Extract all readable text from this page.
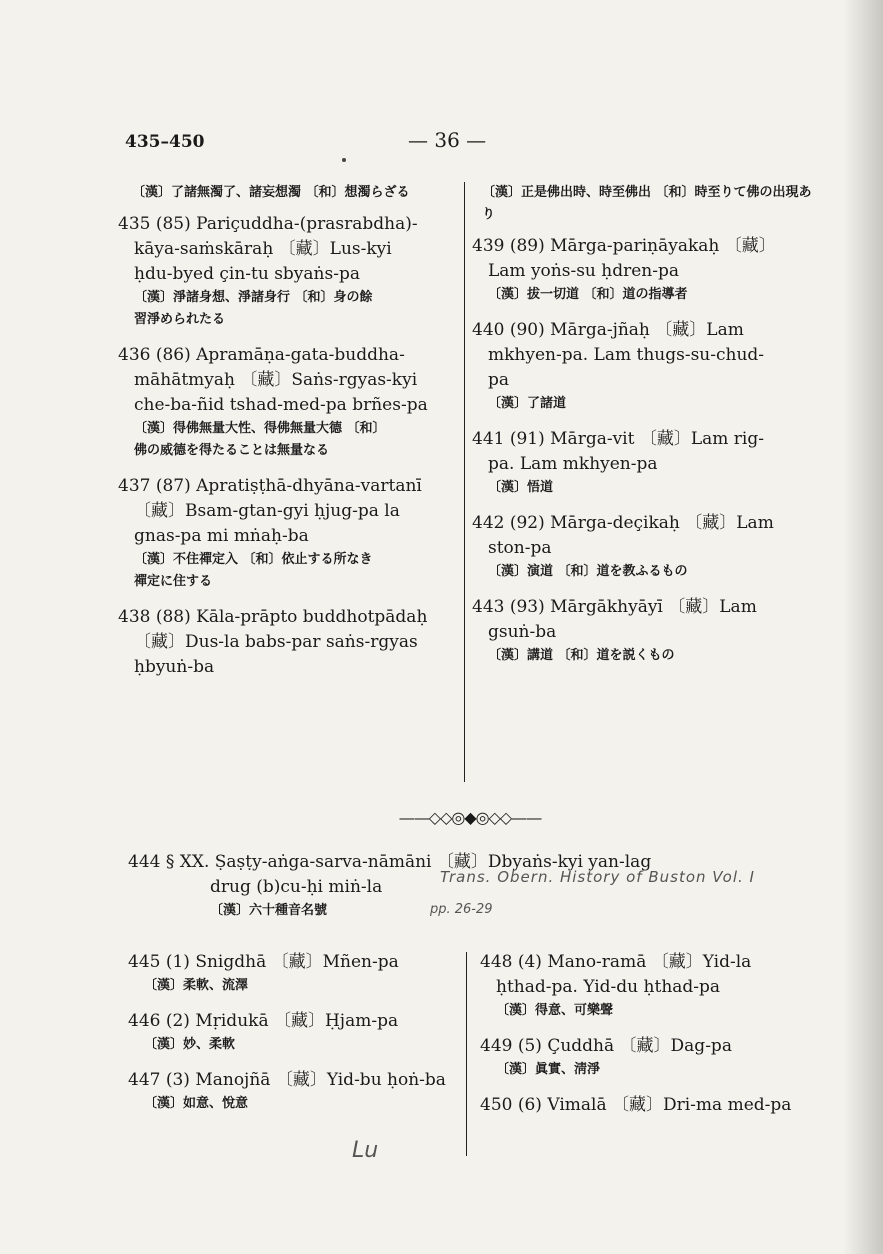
435–450	— 36 —
〔漢〕了諸無濁了、諸妄想濁 〔和〕想濁らざる
435 (85) Pariçuddha-(prasrabdha)-
kāya-saṁskāraḥ 〔藏〕Lus-kyi
ḥdu-byed çin-tu sbyaṅs-pa
〔漢〕淨諸身想、淨諸身行 〔和〕身の餘
習淨められたる
436 (86) Apramāṇa-gata-buddha-
māhātmyaḥ 〔藏〕Saṅs-rgyas-kyi
che-ba-ñid tshad-med-pa brñes-pa
〔漢〕得佛無量大性、得佛無量大德 〔和〕
佛の威德を得たることは無量なる
437 (87) Apratiṣṭhā-dhyāna-vartanī
〔藏〕Bsam-gtan-gyi ḥjug-pa la
gnas-pa mi mṅaḥ-ba
〔漢〕不住禪定入 〔和〕依止する所なき
禪定に住する
438 (88) Kāla-prāpto buddhotpādaḥ
〔藏〕Dus-la babs-par saṅs-rgyas
ḥbyuṅ-ba
〔漢〕正是佛出時、時至佛出 〔和〕時至りて佛の出現あり
439 (89) Mārga-pariṇāyakaḥ 〔藏〕
Lam yoṅs-su ḥdren-pa
〔漢〕拔一切道 〔和〕道の指導者
440 (90) Mārga-jñaḥ 〔藏〕Lam
mkhyen-pa. Lam thugs-su-chud-
pa
〔漢〕了諸道
441 (91) Mārga-vit 〔藏〕Lam rig-
pa. Lam mkhyen-pa
〔漢〕悟道
442 (92) Mārga-deçikaḥ 〔藏〕Lam
ston-pa
〔漢〕演道 〔和〕道を教ふるもの
443 (93) Mārgākhyāyī 〔藏〕Lam
gsuṅ-ba
〔漢〕講道 〔和〕道を説くもの
——◇◇◎◆◎◇◇——
444 § XX. Ṣaṣṭy-aṅga-sarva-nāmāni 〔藏〕Dbyaṅs-kyi yan-lag
drug (b)cu-ḥi miṅ-la
〔漢〕六十種音名號
Trans. Obern. History of Buston Vol. I
pp. 26-29
445 (1) Snigdhā 〔藏〕Mñen-pa
〔漢〕柔軟、流澤
446 (2) Mṛidukā 〔藏〕Ḥjam-pa
〔漢〕妙、柔軟
447 (3) Manojñā 〔藏〕Yid-bu ḥoṅ-ba
〔漢〕如意、悅意
448 (4) Mano-ramā 〔藏〕Yid-la
ḥthad-pa. Yid-du ḥthad-pa
〔漢〕得意、可樂聲
449 (5) Çuddhā 〔藏〕Dag-pa
〔漢〕眞實、淸淨
450 (6) Vimalā 〔藏〕Dri-ma med-pa
Lu
